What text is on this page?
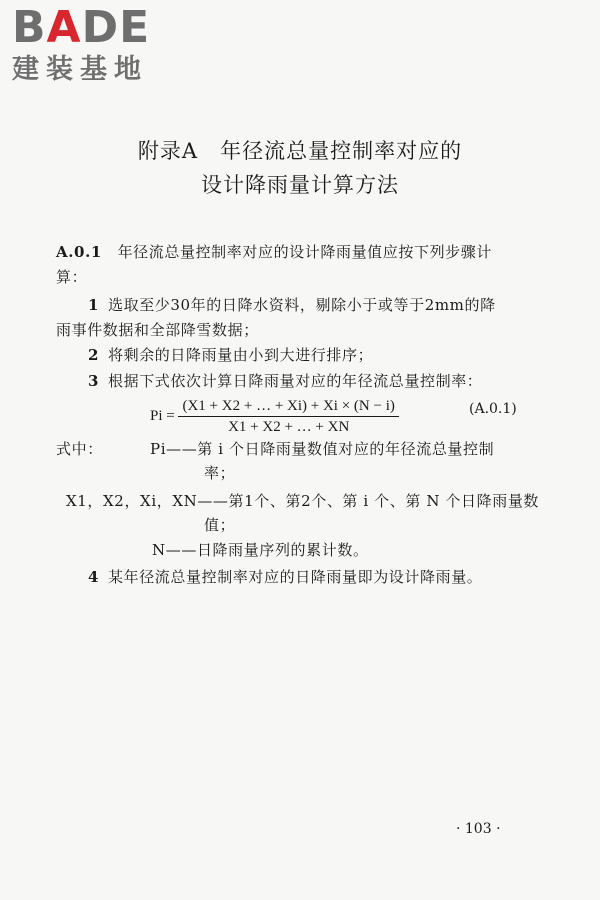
BADE
建装基地
附录A　年径流总量控制率对应的
设计降雨量计算方法
A.0.1　 年径流总量控制率对应的设计降雨量值应按下列步骤计
算：
1 选取至少30年的日降水资料，剔除小于或等于2mm的降
雨事件数据和全部降雪数据；
2 将剩余的日降雨量由小到大进行排序；
3 根据下式依次计算日降雨量对应的年径流总量控制率：
$Pi = \frac{(X1 + X2 + \dots + Xi) + Xi \times (N - i)}{X1 + X2 + \dots + XN}$	(A.0.1)
式中：	Pi——第 i 个日降雨量数值对应的年径流总量控制
率；
X1，X2，Xi，XN——第1个、第2个、第 i 个、第 N 个日降雨量数
值；
N——日降雨量序列的累计数。
4 某年径流总量控制率对应的日降雨量即为设计降雨量。
· 103 ·
